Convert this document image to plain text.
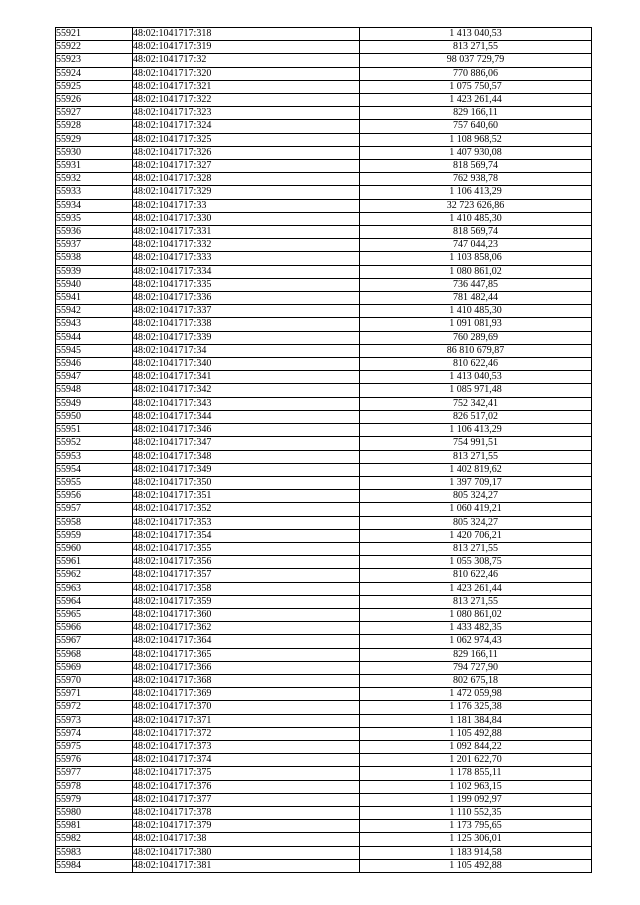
55921	48:02:1041717:318	1 413 040,53
55922	48:02:1041717:319	813 271,55
55923	48:02:1041717:32	98 037 729,79
55924	48:02:1041717:320	770 886,06
55925	48:02:1041717:321	1 075 750,57
55926	48:02:1041717:322	1 423 261,44
55927	48:02:1041717:323	829 166,11
55928	48:02:1041717:324	757 640,60
55929	48:02:1041717:325	1 108 968,52
55930	48:02:1041717:326	1 407 930,08
55931	48:02:1041717:327	818 569,74
55932	48:02:1041717:328	762 938,78
55933	48:02:1041717:329	1 106 413,29
55934	48:02:1041717:33	32 723 626,86
55935	48:02:1041717:330	1 410 485,30
55936	48:02:1041717:331	818 569,74
55937	48:02:1041717:332	747 044,23
55938	48:02:1041717:333	1 103 858,06
55939	48:02:1041717:334	1 080 861,02
55940	48:02:1041717:335	736 447,85
55941	48:02:1041717:336	781 482,44
55942	48:02:1041717:337	1 410 485,30
55943	48:02:1041717:338	1 091 081,93
55944	48:02:1041717:339	760 289,69
55945	48:02:1041717:34	86 810 679,87
55946	48:02:1041717:340	810 622,46
55947	48:02:1041717:341	1 413 040,53
55948	48:02:1041717:342	1 085 971,48
55949	48:02:1041717:343	752 342,41
55950	48:02:1041717:344	826 517,02
55951	48:02:1041717:346	1 106 413,29
55952	48:02:1041717:347	754 991,51
55953	48:02:1041717:348	813 271,55
55954	48:02:1041717:349	1 402 819,62
55955	48:02:1041717:350	1 397 709,17
55956	48:02:1041717:351	805 324,27
55957	48:02:1041717:352	1 060 419,21
55958	48:02:1041717:353	805 324,27
55959	48:02:1041717:354	1 420 706,21
55960	48:02:1041717:355	813 271,55
55961	48:02:1041717:356	1 055 308,75
55962	48:02:1041717:357	810 622,46
55963	48:02:1041717:358	1 423 261,44
55964	48:02:1041717:359	813 271,55
55965	48:02:1041717:360	1 080 861,02
55966	48:02:1041717:362	1 433 482,35
55967	48:02:1041717:364	1 062 974,43
55968	48:02:1041717:365	829 166,11
55969	48:02:1041717:366	794 727,90
55970	48:02:1041717:368	802 675,18
55971	48:02:1041717:369	1 472 059,98
55972	48:02:1041717:370	1 176 325,38
55973	48:02:1041717:371	1 181 384,84
55974	48:02:1041717:372	1 105 492,88
55975	48:02:1041717:373	1 092 844,22
55976	48:02:1041717:374	1 201 622,70
55977	48:02:1041717:375	1 178 855,11
55978	48:02:1041717:376	1 102 963,15
55979	48:02:1041717:377	1 199 092,97
55980	48:02:1041717:378	1 110 552,35
55981	48:02:1041717:379	1 173 795,65
55982	48:02:1041717:38	1 125 306,01
55983	48:02:1041717:380	1 183 914,58
55984	48:02:1041717:381	1 105 492,88
